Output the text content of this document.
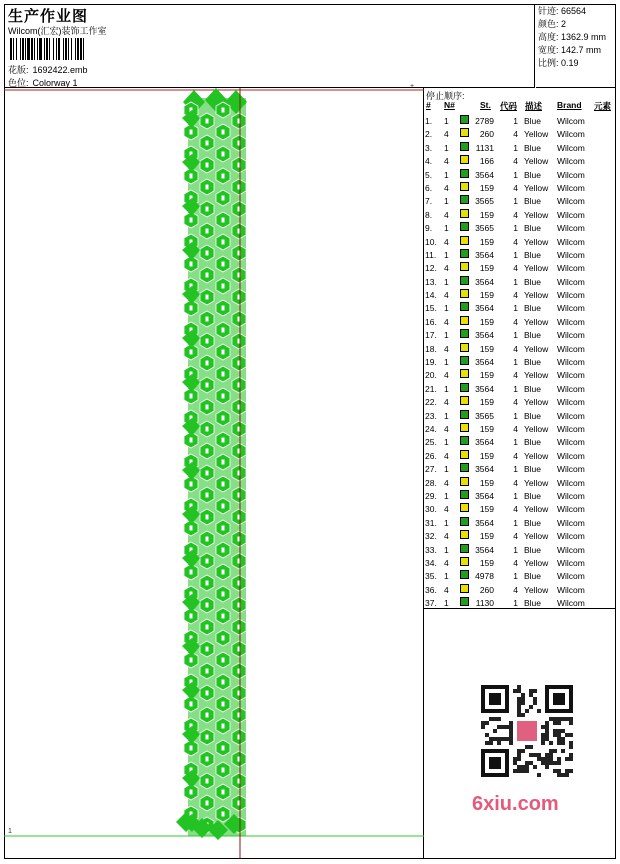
生产作业图
Wilcom(汇宏)装饰工作室
花版: 1692422.emb
色位: Colorway 1
针迹: 66564
颜色: 2
高度: 1362.9 mm
宽度: 142.7 mm
比例: 0.19
+
1
停止顺序:
# N#	St. 代码 描述 Brand 元素
1. 1	2789	1 Blue Wilcom
2. 4	260	4 Yellow Wilcom
3. 1	1131	1 Blue Wilcom
4. 4	166	4 Yellow Wilcom
5. 1	3564	1 Blue Wilcom
6. 4	159	4 Yellow Wilcom
7. 1	3565	1 Blue Wilcom
8. 4	159	4 Yellow Wilcom
9. 1	3565	1 Blue Wilcom
10. 4	159	4 Yellow Wilcom
11. 1	3564	1 Blue Wilcom
12. 4	159	4 Yellow Wilcom
13. 1	3564	1 Blue Wilcom
14. 4	159	4 Yellow Wilcom
15. 1	3564	1 Blue Wilcom
16. 4	159	4 Yellow Wilcom
17. 1	3564	1 Blue Wilcom
18. 4	159	4 Yellow Wilcom
19. 1	3564	1 Blue Wilcom
20. 4	159	4 Yellow Wilcom
21. 1	3564	1 Blue Wilcom
22. 4	159	4 Yellow Wilcom
23. 1	3565	1 Blue Wilcom
24. 4	159	4 Yellow Wilcom
25. 1	3564	1 Blue Wilcom
26. 4	159	4 Yellow Wilcom
27. 1	3564	1 Blue Wilcom
28. 4	159	4 Yellow Wilcom
29. 1	3564	1 Blue Wilcom
30. 4	159	4 Yellow Wilcom
31. 1	3564	1 Blue Wilcom
32. 4	159	4 Yellow Wilcom
33. 1	3564	1 Blue Wilcom
34. 4	159	4 Yellow Wilcom
35. 1	4978	1 Blue Wilcom
36. 4	260	4 Yellow Wilcom
37. 1	1130	1 Blue Wilcom
6xiu.com
